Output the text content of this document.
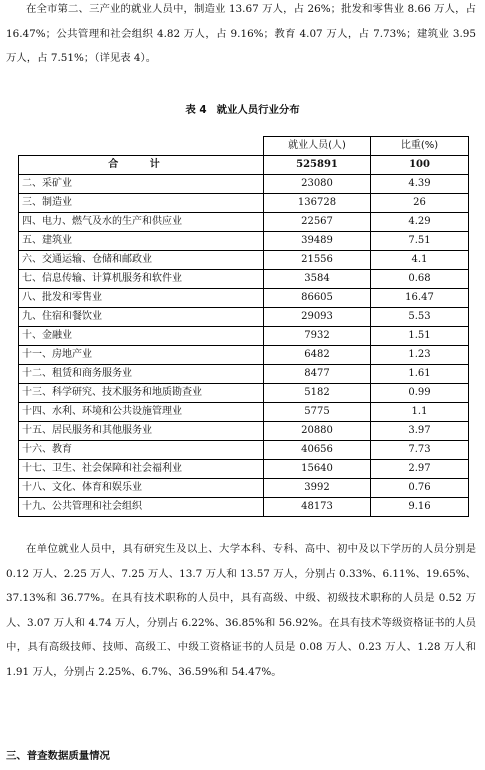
在全市第二、三产业的就业人员中，制造业 13.67 万人，占 26%；批发和零售业 8.66 万人，占 16.47%；公共管理和社会组织 4.82 万人，占 9.16%；教育 4.07 万人，占 7.73%；建筑业 3.95 万人，占 7.51%；（详见表 4）。

表 4 就业人员行业分布
	就业人员(人)	比重(%)
合 计	525891	100
二、采矿业	23080	4.39
三、制造业	136728	26
四、电力、燃气及水的生产和供应业	22567	4.29
五、建筑业	39489	7.51
六、交通运输、仓储和邮政业	21556	4.1
七、信息传输、计算机服务和软件业	3584	0.68
八、批发和零售业	86605	16.47
九、住宿和餐饮业	29093	5.53
十、金融业	7932	1.51
十一、房地产业	6482	1.23
十二、租赁和商务服务业	8477	1.61
十三、科学研究、技术服务和地质勘查业	5182	0.99
十四、水利、环境和公共设施管理业	5775	1.1
十五、居民服务和其他服务业	20880	3.97
十六、教育	40656	7.73
十七、卫生、社会保障和社会福利业	15640	2.97
十八、文化、体育和娱乐业	3992	0.76
十九、公共管理和社会组织	48173	9.16

在单位就业人员中，具有研究生及以上、大学本科、专科、高中、初中及以下学历的人员分别是 0.12 万人、2.25 万人、7.25 万人、13.7 万人和 13.57 万人，分别占 0.33%、6.11%、19.65%、37.13%和 36.77%。在具有技术职称的人员中，具有高级、中级、初级技术职称的人员是 0.52 万人、3.07 万人和 4.74 万人，分别占 6.22%、36.85%和 56.92%。在具有技术等级资格证书的人员中，具有高级技师、技师、高级工、中级工资格证书的人员是 0.08 万人、0.23 万人、1.28 万人和 1.91 万人，分别占 2.25%、6.7%、36.59%和 54.47%。

三、普查数据质量情况
